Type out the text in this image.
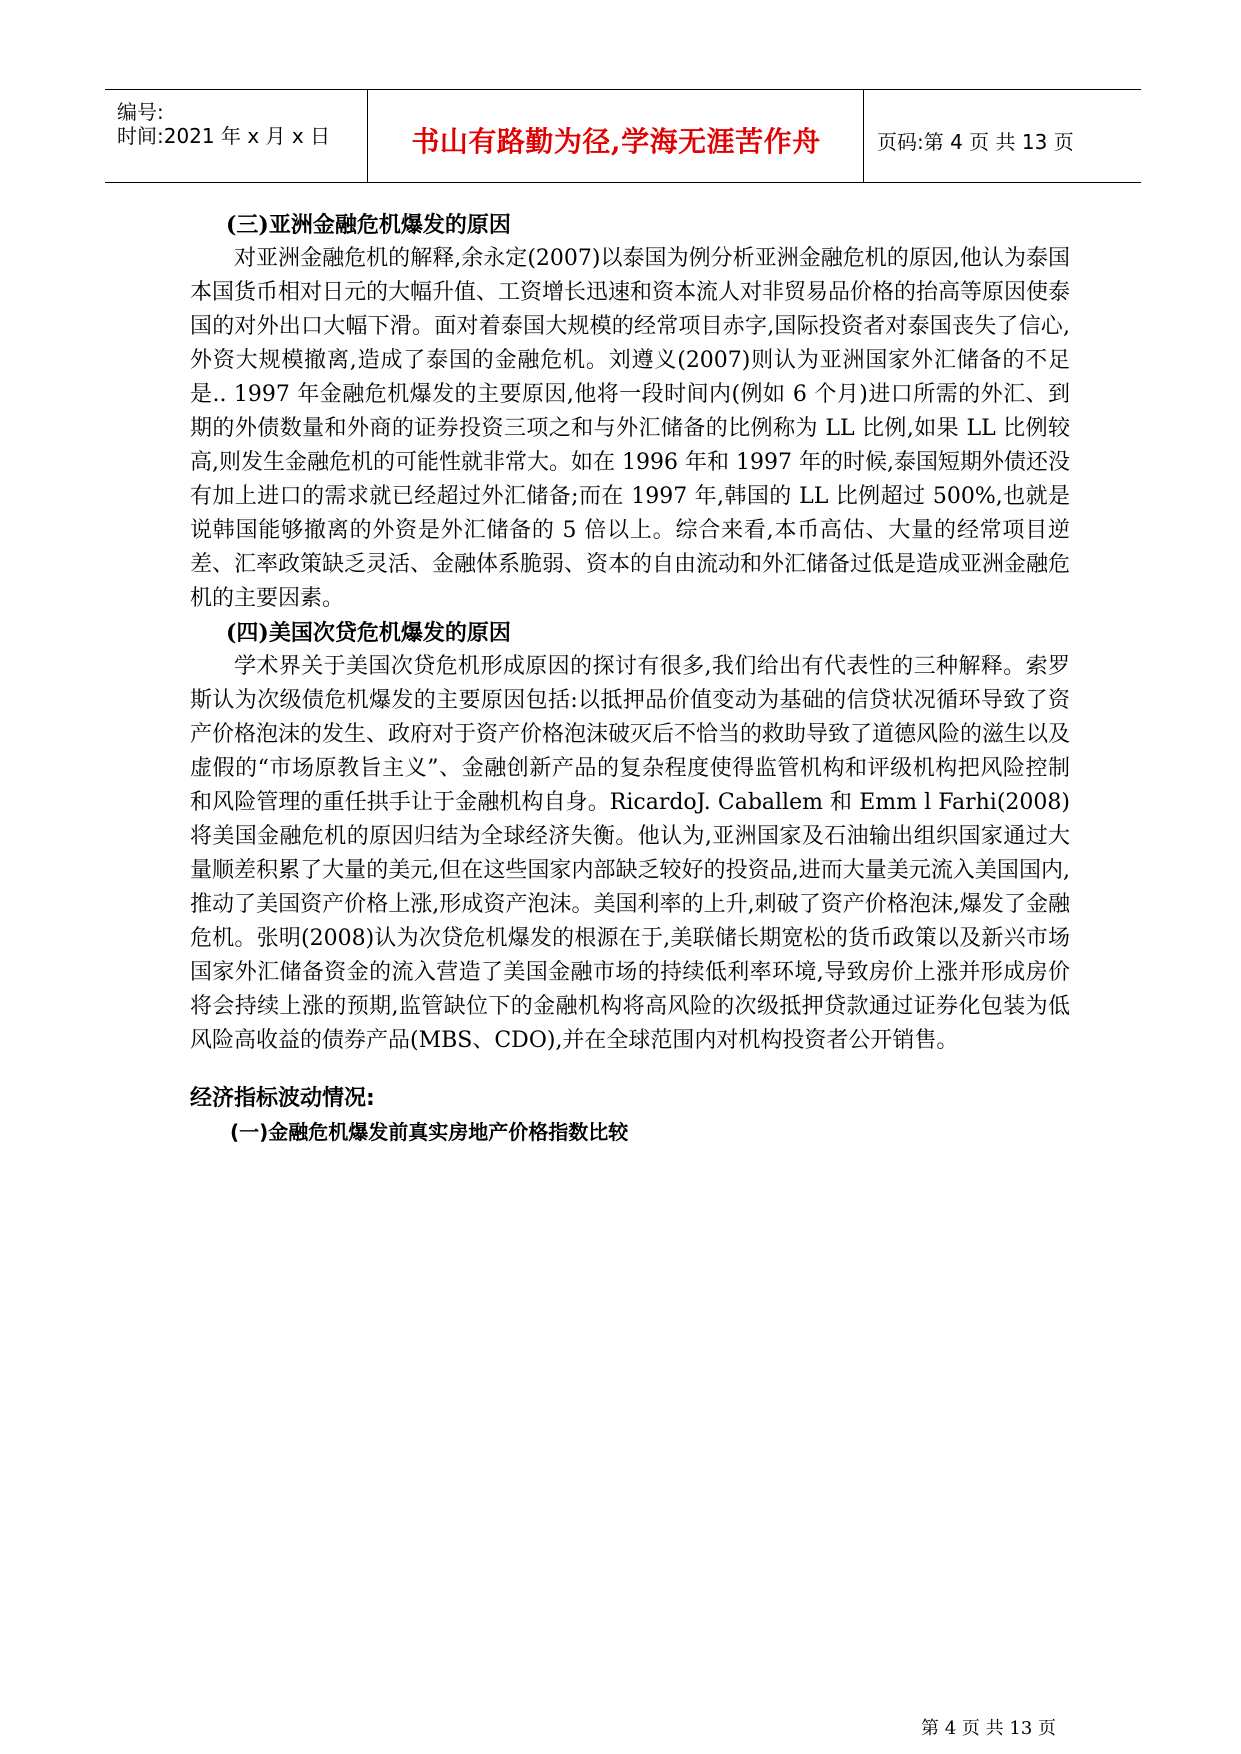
编号:
时间:2021 年 x 月 x 日	书山有路勤为径,学海无涯苦作舟	页码:第 4 页 共 13 页
(三)亚洲金融危机爆发的原因

对亚洲金融危机的解释,余永定(2007)以泰国为例分析亚洲金融危机的原因,他认为泰国本国货币相对日元的大幅升值、工资增长迅速和资本流人对非贸易品价格的抬高等原因使泰国的对外出口大幅下滑。面对着泰国大规模的经常项目赤字,国际投资者对泰国丧失了信心,外资大规模撤离,造成了泰国的金融危机。刘遵义(2007)则认为亚洲国家外汇储备的不足是.. 1997 年金融危机爆发的主要原因,他将一段时间内(例如 6 个月)进口所需的外汇、到期的外债数量和外商的证券投资三项之和与外汇储备的比例称为 LL 比例,如果 LL 比例较高,则发生金融危机的可能性就非常大。如在 1996 年和 1997 年的时候,泰国短期外债还没有加上进口的需求就已经超过外汇储备;而在 1997 年,韩国的 LL 比例超过 500%,也就是说韩国能够撤离的外资是外汇储备的 5 倍以上。综合来看,本币高估、大量的经常项目逆差、汇率政策缺乏灵活、金融体系脆弱、资本的自由流动和外汇储备过低是造成亚洲金融危机的主要因素。

(四)美国次贷危机爆发的原因

学术界关于美国次贷危机形成原因的探讨有很多,我们给出有代表性的三种解释。索罗斯认为次级债危机爆发的主要原因包括:以抵押品价值变动为基础的信贷状况循环导致了资产价格泡沫的发生、政府对于资产价格泡沫破灭后不恰当的救助导致了道德风险的滋生以及虚假的“市场原教旨主义”、金融创新产品的复杂程度使得监管机构和评级机构把风险控制和风险管理的重任拱手让于金融机构自身。RicardoJ. Caballem 和 Emm l Farhi(2008)将美国金融危机的原因归结为全球经济失衡。他认为,亚洲国家及石油输出组织国家通过大量顺差积累了大量的美元,但在这些国家内部缺乏较好的投资品,进而大量美元流入美国国内,推动了美国资产价格上涨,形成资产泡沫。美国利率的上升,刺破了资产价格泡沫,爆发了金融危机。张明(2008)认为次贷危机爆发的根源在于,美联储长期宽松的货币政策以及新兴市场国家外汇储备资金的流入营造了美国金融市场的持续低利率环境,导致房价上涨并形成房价将会持续上涨的预期,监管缺位下的金融机构将高风险的次级抵押贷款通过证券化包装为低风险高收益的债券产品(MBS、CDO),并在全球范围内对机构投资者公开销售。

经济指标波动情况:
(一)金融危机爆发前真实房地产价格指数比较
第 4 页 共 13 页
